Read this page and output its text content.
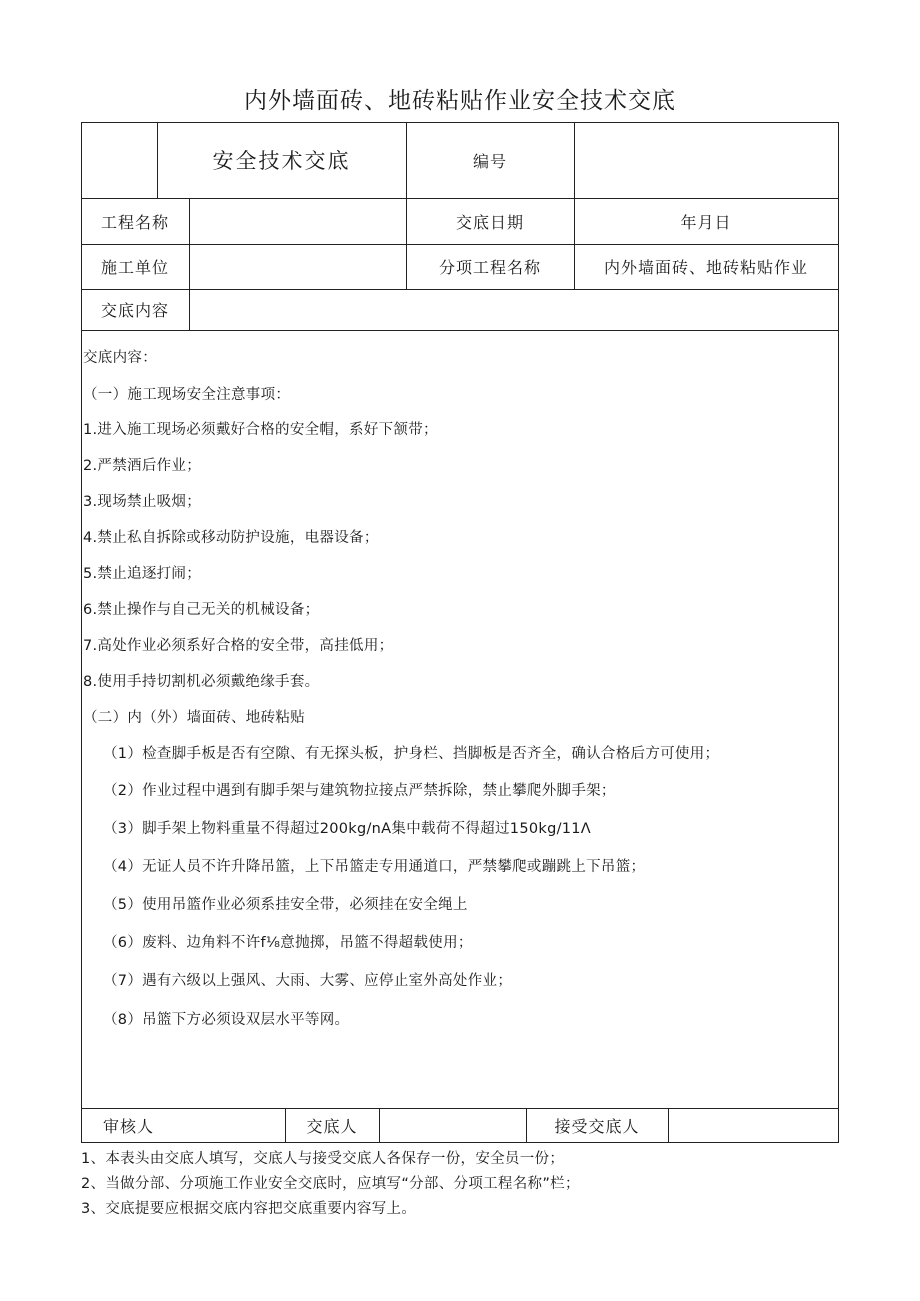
内外墙面砖、地砖粘贴作业安全技术交底
安全技术交底	编号
工程名称	交底日期	年月日
施工单位	分项工程名称	内外墙面砖、地砖粘贴作业
交底内容
交底内容：
（一）施工现场安全注意事项：
1.进入施工现场必须戴好合格的安全帽，系好下颔带；
2.严禁酒后作业；
3.现场禁止吸烟；
4.禁止私自拆除或移动防护设施，电器设备；
5.禁止追逐打闹；
6.禁止操作与自己无关的机械设备；
7.高处作业必须系好合格的安全带，高挂低用；
8.使用手持切割机必须戴绝缘手套。
（二）内（外）墙面砖、地砖粘贴
（1）检查脚手板是否有空隙、有无探头板，护身栏、挡脚板是否齐全，确认合格后方可使用；
（2）作业过程中遇到有脚手架与建筑物拉接点严禁拆除，禁止攀爬外脚手架；
（3）脚手架上物料重量不得超过200kg/nA集中载荷不得超过150kg/11Λ
（4）无证人员不许升降吊篮，上下吊篮走专用通道口，严禁攀爬或蹦跳上下吊篮；
（5）使用吊篮作业必须系挂安全带，必须挂在安全绳上
（6）废料、边角料不许f⅛意抛掷，吊篮不得超载使用；
（7）遇有六级以上强风、大雨、大雾、应停止室外高处作业；
（8）吊篮下方必须设双层水平等网。
审核人	交底人	接受交底人
1、本表头由交底人填写，交底人与接受交底人各保存一份，安全员一份；
2、当做分部、分项施工作业安全交底时，应填写“分部、分项工程名称”栏；
3、交底提要应根据交底内容把交底重要内容写上。
